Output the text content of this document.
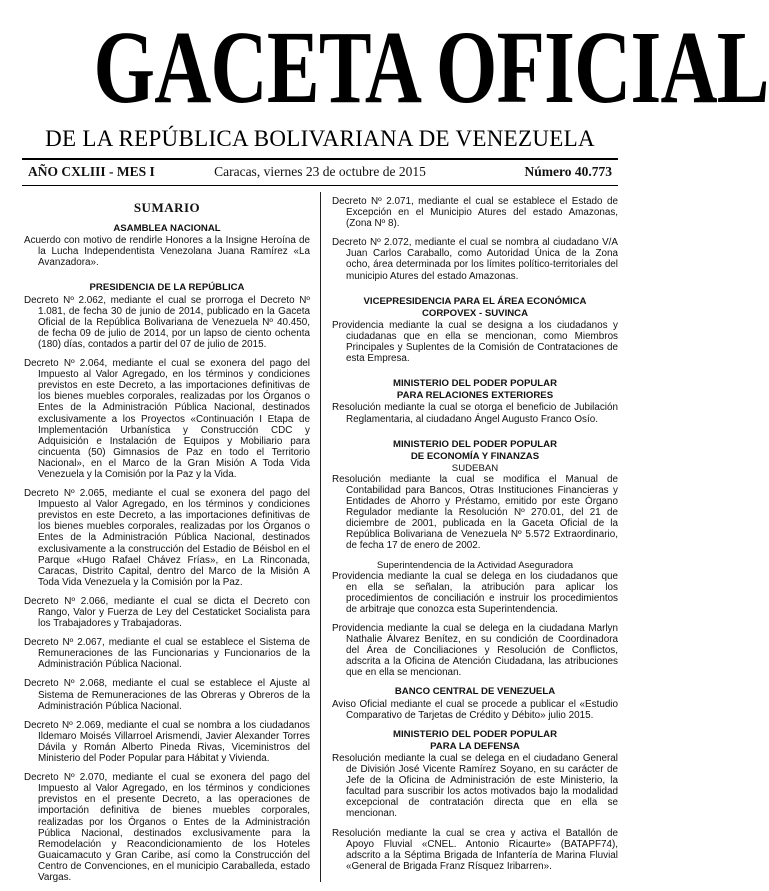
GACETA OFICIAL
DE LA REPÚBLICA BOLIVARIANA DE VENEZUELA
Caracas, viernes 23 de octubre de 2015
AÑO CXLIII - MES I	Número 40.773
SUMARIO
ASAMBLEA NACIONAL

Acuerdo con motivo de rendirle Honores a la Insigne Heroína de la Lucha Independentista Venezolana Juana Ramírez «La Avanzadora».

PRESIDENCIA DE LA REPÚBLICA

Decreto Nº 2.062, mediante el cual se prorroga el Decreto Nº 1.081, de fecha 30 de junio de 2014, publicado en la Gaceta Oficial de la República Bolivariana de Venezuela Nº 40.450, de fecha 09 de julio de 2014, por un lapso de ciento ochenta (180) días, contados a partir del 07 de julio de 2015.

Decreto Nº 2.064, mediante el cual se exonera del pago del Impuesto al Valor Agregado, en los términos y condiciones previstos en este Decreto, a las importaciones definitivas de los bienes muebles corporales, realizadas por los Órganos o Entes de la Administración Pública Nacional, destinados exclusivamente a los Proyectos «Continuación I Etapa de Implementación Urbanística y Construcción CDC y Adquisición e Instalación de Equipos y Mobiliario para cincuenta (50) Gimnasios de Paz en todo el Territorio Nacional», en el Marco de la Gran Misión A Toda Vida Venezuela y la Comisión por la Paz y la Vida.

Decreto Nº 2.065, mediante el cual se exonera del pago del Impuesto al Valor Agregado, en los términos y condiciones previstos en este Decreto, a las importaciones definitivas de los bienes muebles corporales, realizadas por los Órganos o Entes de la Administración Pública Nacional, destinados exclusivamente a la construcción del Estadio de Béisbol en el Parque «Hugo Rafael Chávez Frías», en La Rinconada, Caracas, Distrito Capital, dentro del Marco de la Misión A Toda Vida Venezuela y la Comisión por la Paz.

Decreto Nº 2.066, mediante el cual se dicta el Decreto con Rango, Valor y Fuerza de Ley del Cestaticket Socialista para los Trabajadores y Trabajadoras.

Decreto Nº 2.067, mediante el cual se establece el Sistema de Remuneraciones de las Funcionarias y Funcionarios de la Administración Pública Nacional.

Decreto Nº 2.068, mediante el cual se establece el Ajuste al Sistema de Remuneraciones de las Obreras y Obreros de la Administración Pública Nacional.

Decreto Nº 2.069, mediante el cual se nombra a los ciudadanos Ildemaro Moisés Villarroel Arismendi, Javier Alexander Torres Dávila y Román Alberto Pineda Rivas, Viceministros del Ministerio del Poder Popular para Hábitat y Vivienda.

Decreto Nº 2.070, mediante el cual se exonera del pago del Impuesto al Valor Agregado, en los términos y condiciones previstos en el presente Decreto, a las operaciones de importación definitiva de bienes muebles corporales, realizadas por los Órganos o Entes de la Administración Pública Nacional, destinados exclusivamente para la Remodelación y Reacondicionamiento de los Hoteles Guaicamacuto y Gran Caribe, así como la Construcción del Centro de Convenciones, en el municipio Caraballeda, estado Vargas.

Decreto Nº 2.071, mediante el cual se establece el Estado de Excepción en el Municipio Atures del estado Amazonas, (Zona Nº 8).

Decreto Nº 2.072, mediante el cual se nombra al ciudadano V/A Juan Carlos Caraballo, como Autoridad Única de la Zona ocho, área determinada por los límites político-territoriales del municipio Atures del estado Amazonas.

VICEPRESIDENCIA PARA EL ÁREA ECONÓMICA
CORPOVEX - SUVINCA

Providencia mediante la cual se designa a los ciudadanos y ciudadanas que en ella se mencionan, como Miembros Principales y Suplentes de la Comisión de Contrataciones de esta Empresa.

MINISTERIO DEL PODER POPULAR
PARA RELACIONES EXTERIORES

Resolución mediante la cual se otorga el beneficio de Jubilación Reglamentaria, al ciudadano Ángel Augusto Franco Osío.

MINISTERIO DEL PODER POPULAR
DE ECONOMÍA Y FINANZAS
SUDEBAN

Resolución mediante la cual se modifica el Manual de Contabilidad para Bancos, Otras Instituciones Financieras y Entidades de Ahorro y Préstamo, emitido por este Órgano Regulador mediante la Resolución Nº 270.01, del 21 de diciembre de 2001, publicada en la Gaceta Oficial de la República Bolivariana de Venezuela Nº 5.572 Extraordinario, de fecha 17 de enero de 2002.

Superintendencia de la Actividad Aseguradora

Providencia mediante la cual se delega en los ciudadanos que en ella se señalan, la atribución para aplicar los procedimientos de conciliación e instruir los procedimientos de arbitraje que conozca esta Superintendencia.

Providencia mediante la cual se delega en la ciudadana Marlyn Nathalie Álvarez Benítez, en su condición de Coordinadora del Área de Conciliaciones y Resolución de Conflictos, adscrita a la Oficina de Atención Ciudadana, las atribuciones que en ella se mencionan.

BANCO CENTRAL DE VENEZUELA

Aviso Oficial mediante el cual se procede a publicar el «Estudio Comparativo de Tarjetas de Crédito y Débito» julio 2015.

MINISTERIO DEL PODER POPULAR
PARA LA DEFENSA

Resolución mediante la cual se delega en el ciudadano General de División José Vicente Ramírez Soyano, en su carácter de Jefe de la Oficina de Administración de este Ministerio, la facultad para suscribir los actos motivados bajo la modalidad excepcional de contratación directa que en ella se mencionan.

Resolución mediante la cual se crea y activa el Batallón de Apoyo Fluvial «CNEL. Antonio Ricaurte» (BATAPF74), adscrito a la Séptima Brigada de Infantería de Marina Fluvial «General de Brigada Franz Rísquez Iribarren».
